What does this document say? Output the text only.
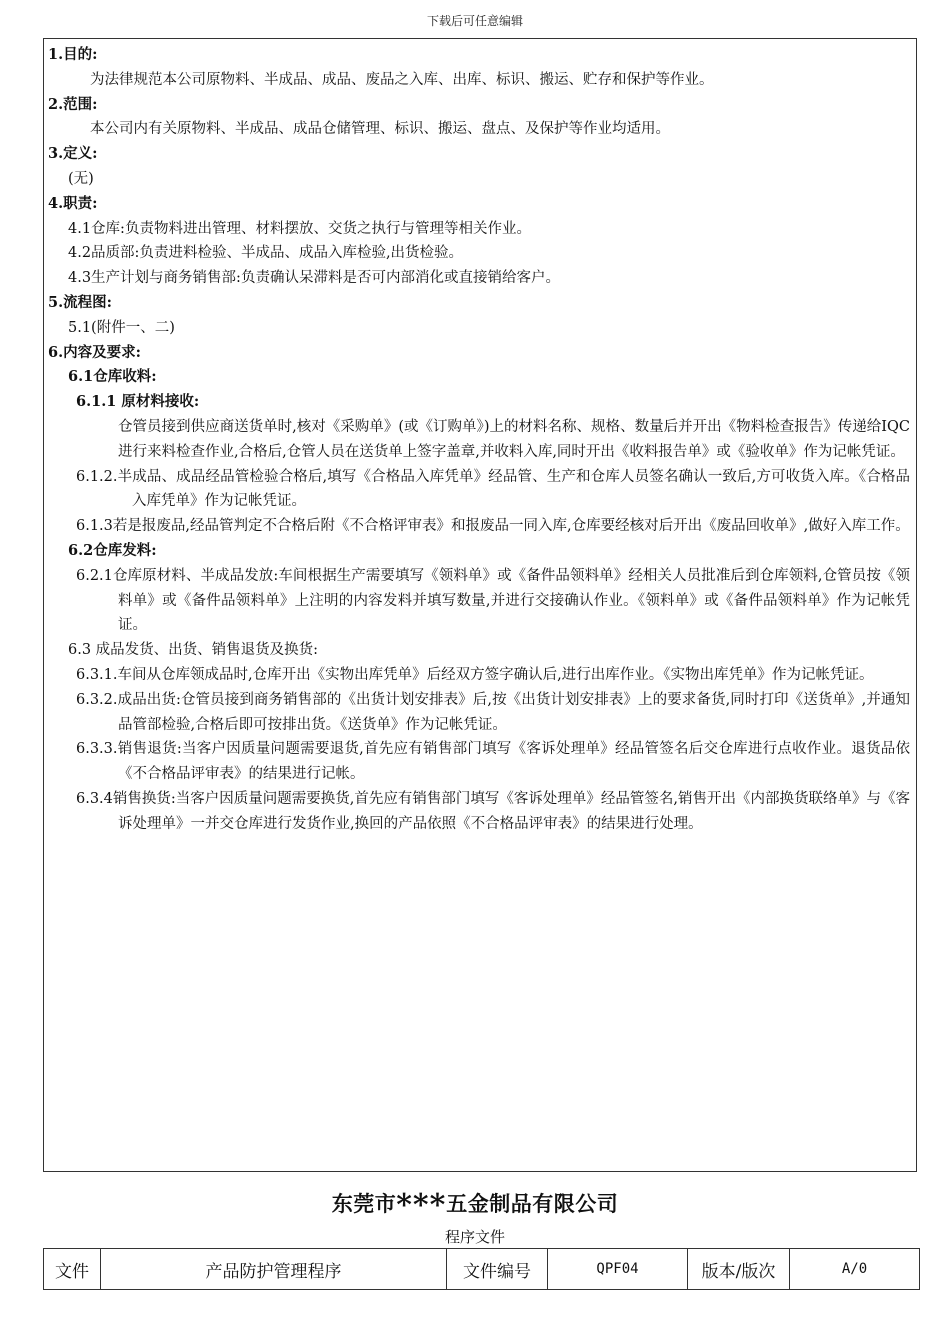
下载后可任意编辑
1.目的:
为法律规范本公司原物料、半成品、成品、废品之入库、出库、标识、搬运、贮存和保护等作业。
2.范围:
本公司内有关原物料、半成品、成品仓储管理、标识、搬运、盘点、及保护等作业均适用。
3.定义:
(无)
4.职责:
4.1仓库:负责物料进出管理、材料摆放、交货之执行与管理等相关作业。
4.2品质部:负责进料检验、半成品、成品入库检验,出货检验。
4.3生产计划与商务销售部:负责确认呆滞料是否可内部消化或直接销给客户。
5.流程图:
5.1(附件一、二)
6.内容及要求:
6.1仓库收料:
6.1.1 原材料接收:
仓管员接到供应商送货单时,核对《采购单》(或《订购单》)上的材料名称、规格、数量后并开出《物料检查报告》传递给IQC进行来料检查作业,合格后,仓管人员在送货单上签字盖章,并收料入库,同时开出《收料报告单》或《验收单》作为记帐凭证。
6.1.2.半成品、成品经品管检验合格后,填写《合格品入库凭单》经品管、生产和仓库人员签名确认一致后,方可收货入库。《合格品入库凭单》作为记帐凭证。
6.1.3若是报废品,经品管判定不合格后附《不合格评审表》和报废品一同入库,仓库要经核对后开出《废品回收单》,做好入库工作。
6.2仓库发料:
6.2.1仓库原材料、半成品发放:车间根据生产需要填写《领料单》或《备件品领料单》经相关人员批准后到仓库领料,仓管员按《领料单》或《备件品领料单》上注明的内容发料并填写数量,并进行交接确认作业。《领料单》或《备件品领料单》作为记帐凭证。
6.3 成品发货、出货、销售退货及换货:
6.3.1.车间从仓库领成品时,仓库开出《实物出库凭单》后经双方签字确认后,进行出库作业。《实物出库凭单》作为记帐凭证。
6.3.2.成品出货:仓管员接到商务销售部的《出货计划安排表》后,按《出货计划安排表》上的要求备货,同时打印《送货单》,并通知品管部检验,合格后即可按排出货。《送货单》作为记帐凭证。
6.3.3.销售退货:当客户因质量问题需要退货,首先应有销售部门填写《客诉处理单》经品管签名后交仓库进行点收作业。退货品依《不合格品评审表》的结果进行记帐。
6.3.4销售换货:当客户因质量问题需要换货,首先应有销售部门填写《客诉处理单》经品管签名,销售开出《内部换货联络单》与《客诉处理单》一并交仓库进行发货作业,换回的产品依照《不合格品评审表》的结果进行处理。
东莞市***五金制品有限公司
程序文件
文件	产品防护管理程序	文件编号	QPF04	版本/版次	A/0
